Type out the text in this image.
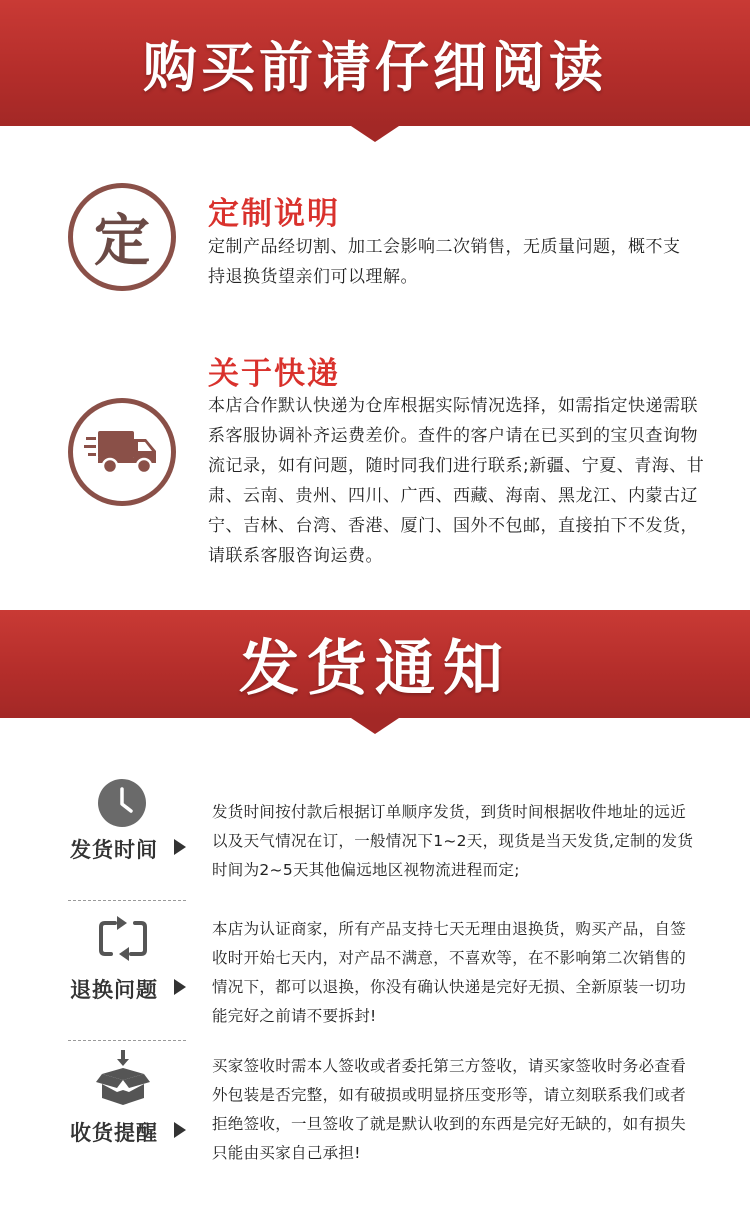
购买前请仔细阅读
定 定制说明
定制产品经切割、加工会影响二次销售，无质量问题，概不支持退换货望亲们可以理解。
关于快递
本店合作默认快递为仓库根据实际情况选择，如需指定快递需联系客服协调补齐运费差价。查件的客户请在已买到的宝贝查询物流记录，如有问题，随时同我们进行联系;新疆、宁夏、青海、甘肃、云南、贵州、四川、广西、西藏、海南、黑龙江、内蒙古辽宁、吉林、台湾、香港、厦门、国外不包邮，直接拍下不发货，请联系客服咨询运费。
发货通知
发货时间
发货时间按付款后根据订单顺序发货，到货时间根据收件地址的远近以及天气情况在订，一般情况下1~2天，现货是当天发货,定制的发货时间为2~5天其他偏远地区视物流进程而定;
退换问题
本店为认证商家，所有产品支持七天无理由退换货，购买产品，自签收时开始七天内，对产品不满意，不喜欢等，在不影响第二次销售的情况下，都可以退换，你没有确认快递是完好无损、全新原装一切功能完好之前请不要拆封!
收货提醒
买家签收时需本人签收或者委托第三方签收，请买家签收时务必查看外包装是否完整，如有破损或明显挤压变形等，请立刻联系我们或者拒绝签收，一旦签收了就是默认收到的东西是完好无缺的，如有损失只能由买家自己承担!
